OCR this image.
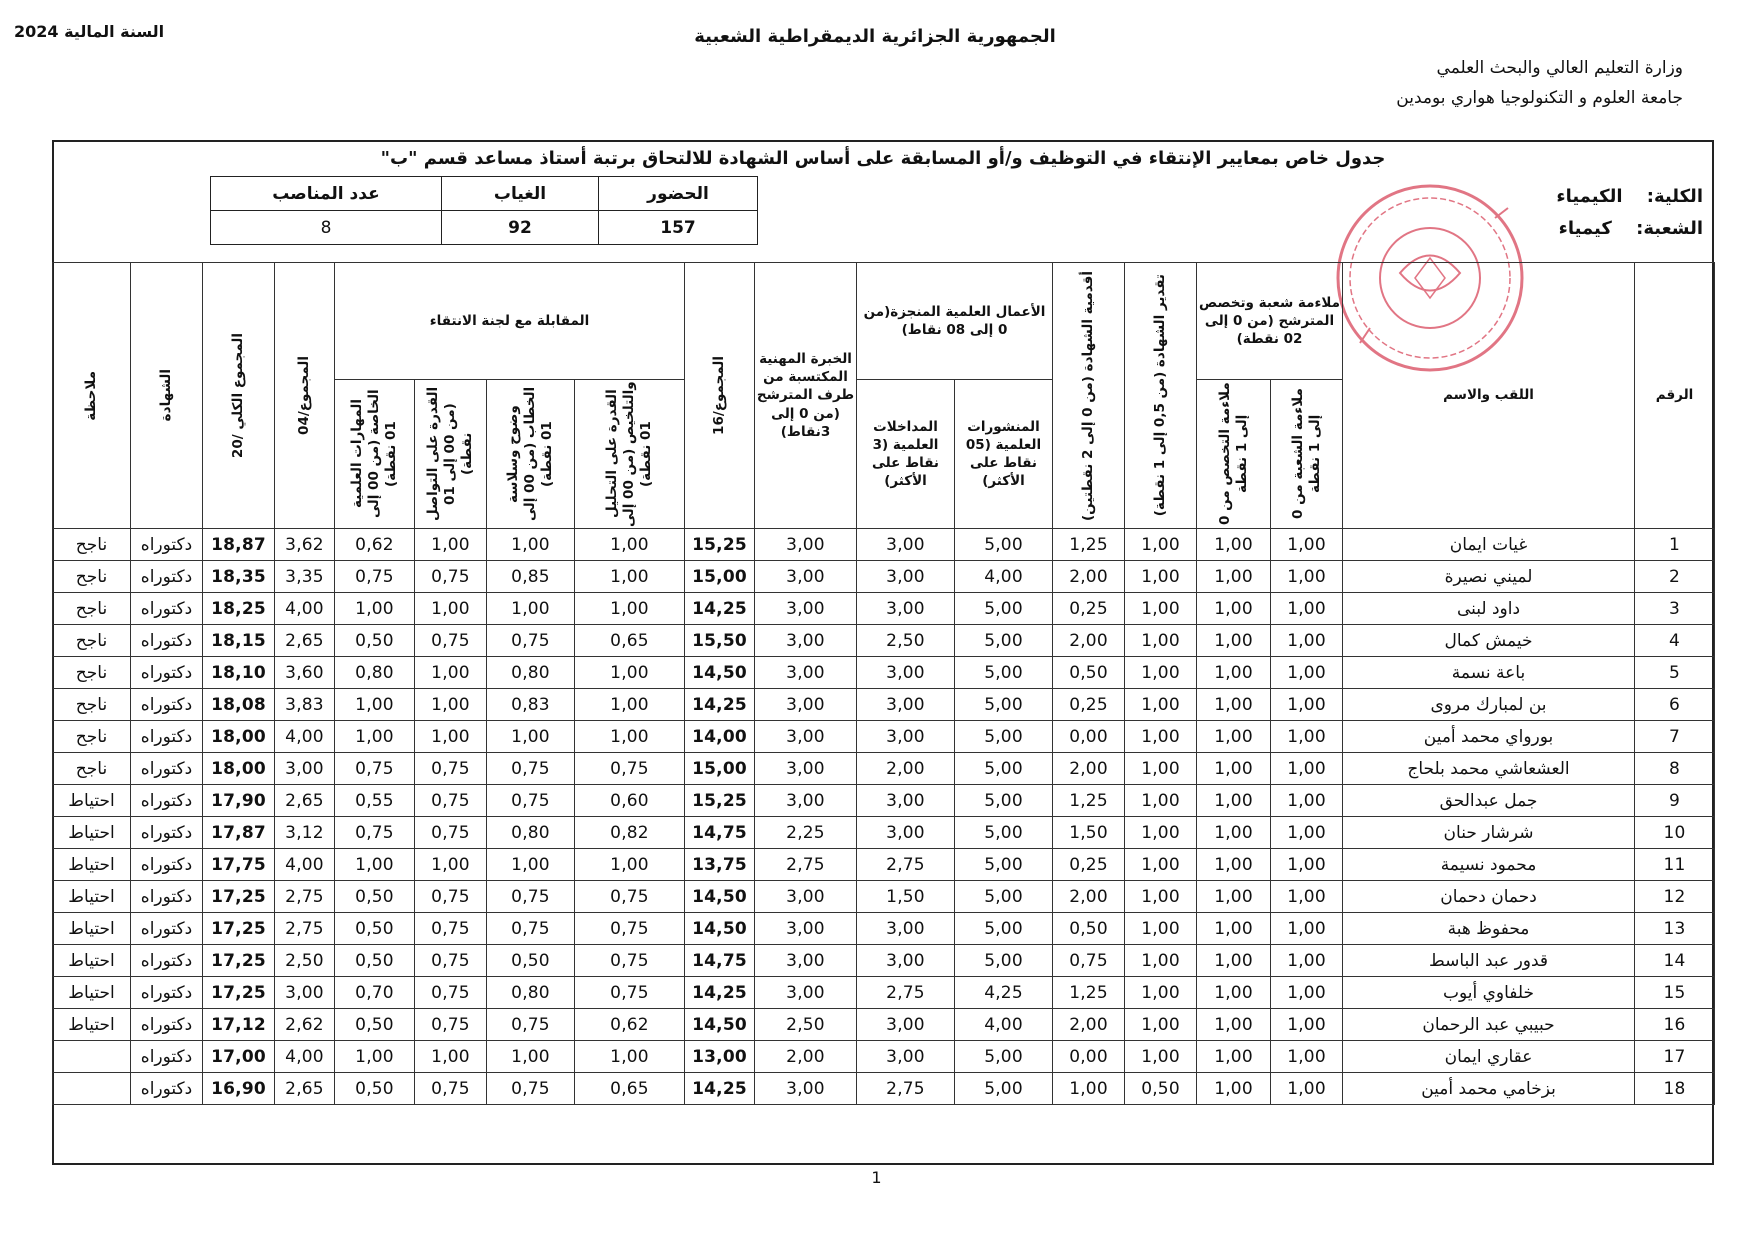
السنة المالية 2024	الجمهورية الجزائرية الديمقراطية الشعبية
وزارة التعليم العالي والبحث العلمي
جامعة العلوم و التكنولوجيا هواري بومدين
جدول خاص بمعايير الإنتقاء في التوظيف و/أو المسابقة على أساس الشهادة للالتحاق برتبة أستاذ مساعد قسم "ب"
الحضور	الغياب	عدد المناصب
157	92	8
الكلية: الكيمياء
الشعبة: كيمياء
الرقم	اللقب والاسم	ملاءمة شعبة وتخصص المترشح (من 0 إلى 02 نقطة)		تقدير الشهادة (من 0,5 إلى 1 نقطة)	أقدمية الشهادة (من 0 إلى 2 نقطتين)	الأعمال العلمية المنجزة(من 0 إلى 08 نقاط)		الخبرة المهنية المكتسبة من طرف المترشح (من 0 إلى 3نقاط)	المجموع/16	المقابلة مع لجنة الانتقاء				المجموع/04	المجموع الكلي /20	الشهادة	ملاحظة

		ملاءمة الشعبة من 0 إلى 1 نقطة	ملاءمة التخصص من 0 إلى 1 نقطة			المنشورات العلمية (05 نقاط على الأكثر)	المداخلات العلمية (3 نقاط على الأكثر)			القدرة على التحليل والتلخيص (من 00 إلى 01 نقطة)	وضوح وسلاسة الخطاب (من 00 إلى 01 نقطة)	القدرة على التواصل (من 00 إلى 01 نقطة)	المهارات العلمية الخاصة (من 00 إلى 01 نقطة)				

1	غيات ايمان	1,00	1,00	1,00	1,25	5,00	3,00	3,00	15,25	1,00	1,00	1,00	0,62	3,62	18,87	دكتوراه	ناجح
2	لميني نصيرة	1,00	1,00	1,00	2,00	4,00	3,00	3,00	15,00	1,00	0,85	0,75	0,75	3,35	18,35	دكتوراه	ناجح
3	داود لبنى	1,00	1,00	1,00	0,25	5,00	3,00	3,00	14,25	1,00	1,00	1,00	1,00	4,00	18,25	دكتوراه	ناجح
4	خيمش كمال	1,00	1,00	1,00	2,00	5,00	2,50	3,00	15,50	0,65	0,75	0,75	0,50	2,65	18,15	دكتوراه	ناجح
5	باعة نسمة	1,00	1,00	1,00	0,50	5,00	3,00	3,00	14,50	1,00	0,80	1,00	0,80	3,60	18,10	دكتوراه	ناجح
6	بن لمبارك مروى	1,00	1,00	1,00	0,25	5,00	3,00	3,00	14,25	1,00	0,83	1,00	1,00	3,83	18,08	دكتوراه	ناجح
7	بورواي محمد أمين	1,00	1,00	1,00	0,00	5,00	3,00	3,00	14,00	1,00	1,00	1,00	1,00	4,00	18,00	دكتوراه	ناجح
8	العشعاشي محمد بلحاج	1,00	1,00	1,00	2,00	5,00	2,00	3,00	15,00	0,75	0,75	0,75	0,75	3,00	18,00	دكتوراه	ناجح
9	جمل عبدالحق	1,00	1,00	1,00	1,25	5,00	3,00	3,00	15,25	0,60	0,75	0,75	0,55	2,65	17,90	دكتوراه	احتياط
10	شرشار حنان	1,00	1,00	1,00	1,50	5,00	3,00	2,25	14,75	0,82	0,80	0,75	0,75	3,12	17,87	دكتوراه	احتياط
11	محمود نسيمة	1,00	1,00	1,00	0,25	5,00	2,75	2,75	13,75	1,00	1,00	1,00	1,00	4,00	17,75	دكتوراه	احتياط
12	دحمان دحمان	1,00	1,00	1,00	2,00	5,00	1,50	3,00	14,50	0,75	0,75	0,75	0,50	2,75	17,25	دكتوراه	احتياط
13	محفوظ هبة	1,00	1,00	1,00	0,50	5,00	3,00	3,00	14,50	0,75	0,75	0,75	0,50	2,75	17,25	دكتوراه	احتياط
14	قدور عبد الباسط	1,00	1,00	1,00	0,75	5,00	3,00	3,00	14,75	0,75	0,50	0,75	0,50	2,50	17,25	دكتوراه	احتياط
15	خلفاوي أيوب	1,00	1,00	1,00	1,25	4,25	2,75	3,00	14,25	0,75	0,80	0,75	0,70	3,00	17,25	دكتوراه	احتياط
16	حبيبي عبد الرحمان	1,00	1,00	1,00	2,00	4,00	3,00	2,50	14,50	0,62	0,75	0,75	0,50	2,62	17,12	دكتوراه	احتياط
17	عقاري ايمان	1,00	1,00	1,00	0,00	5,00	3,00	2,00	13,00	1,00	1,00	1,00	1,00	4,00	17,00	دكتوراه	
18	بزخامي محمد أمين	1,00	1,00	0,50	1,00	5,00	2,75	3,00	14,25	0,65	0,75	0,75	0,50	2,65	16,90	دكتوراه	
1
